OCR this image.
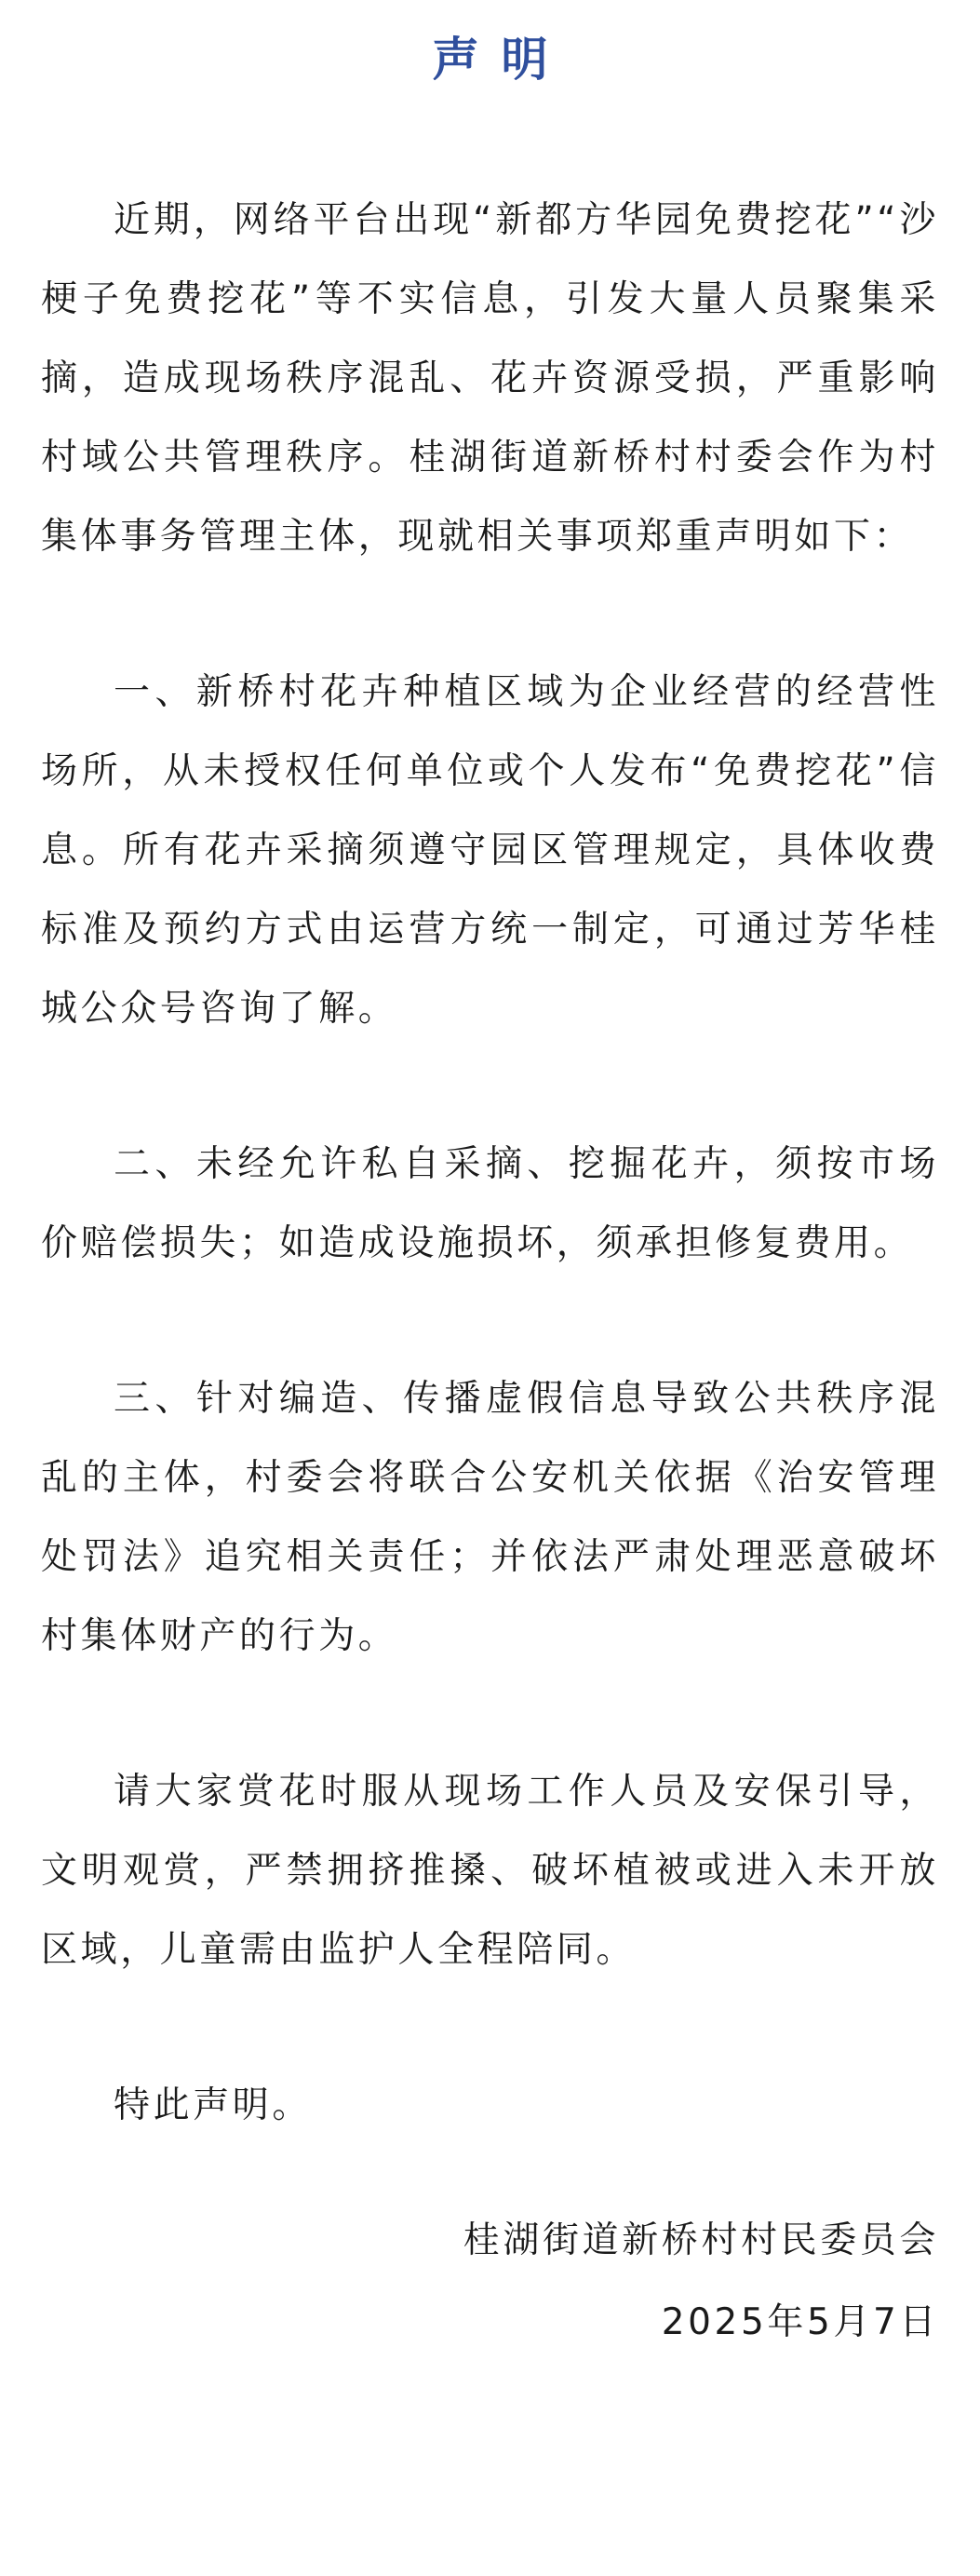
声明

近期，网络平台出现“新都方华园免费挖花”“沙梗子免费挖花”等不实信息，引发大量人员聚集采摘，造成现场秩序混乱、花卉资源受损，严重影响村域公共管理秩序。桂湖街道新桥村村委会作为村集体事务管理主体，现就相关事项郑重声明如下：

一、新桥村花卉种植区域为企业经营的经营性场所，从未授权任何单位或个人发布“免费挖花”信息。所有花卉采摘须遵守园区管理规定，具体收费标准及预约方式由运营方统一制定，可通过芳华桂城公众号咨询了解。

二、未经允许私自采摘、挖掘花卉，须按市场价赔偿损失；如造成设施损坏，须承担修复费用。

三、针对编造、传播虚假信息导致公共秩序混乱的主体，村委会将联合公安机关依据《治安管理处罚法》追究相关责任；并依法严肃处理恶意破坏村集体财产的行为。

请大家赏花时服从现场工作人员及安保引导，文明观赏，严禁拥挤推搡、破坏植被或进入未开放区域，儿童需由监护人全程陪同。

特此声明。

桂湖街道新桥村村民委员会

2025年5月7日
